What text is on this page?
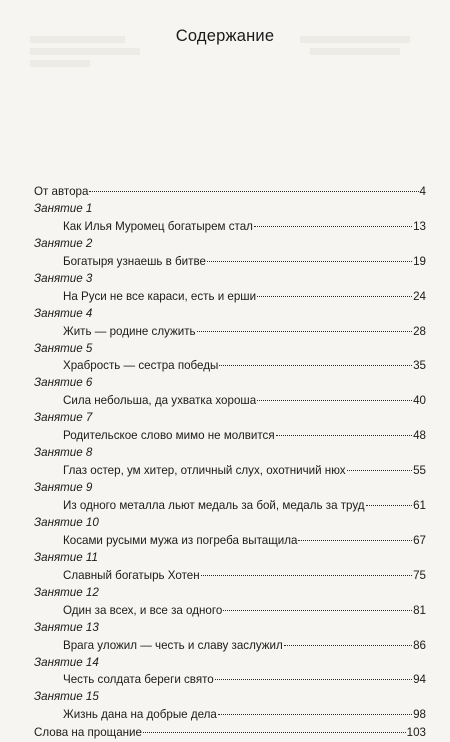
Содержание
От автора	4
Занятие 1
Как Илья Муромец богатырем стал	13
Занятие 2
Богатыря узнаешь в битве	19
Занятие 3
На Руси не все караси, есть и ерши	24
Занятие 4
Жить — родине служить	28
Занятие 5
Храбрость — сестра победы	35
Занятие 6
Сила небольша, да ухватка хороша	40
Занятие 7
Родительское слово мимо не молвится	48
Занятие 8
Глаз остер, ум хитер, отличный слух, охотничий нюх	55
Занятие 9
Из одного металла льют медаль за бой, медаль за труд	61
Занятие 10
Косами русыми мужа из погреба вытащила	67
Занятие 11
Славный богатырь Хотен	75
Занятие 12
Один за всех, и все за одного	81
Занятие 13
Врага уложил — честь и славу заслужил	86
Занятие 14
Честь солдата береги свято	94
Занятие 15
Жизнь дана на добрые дела	98
Слова на прощание	103
